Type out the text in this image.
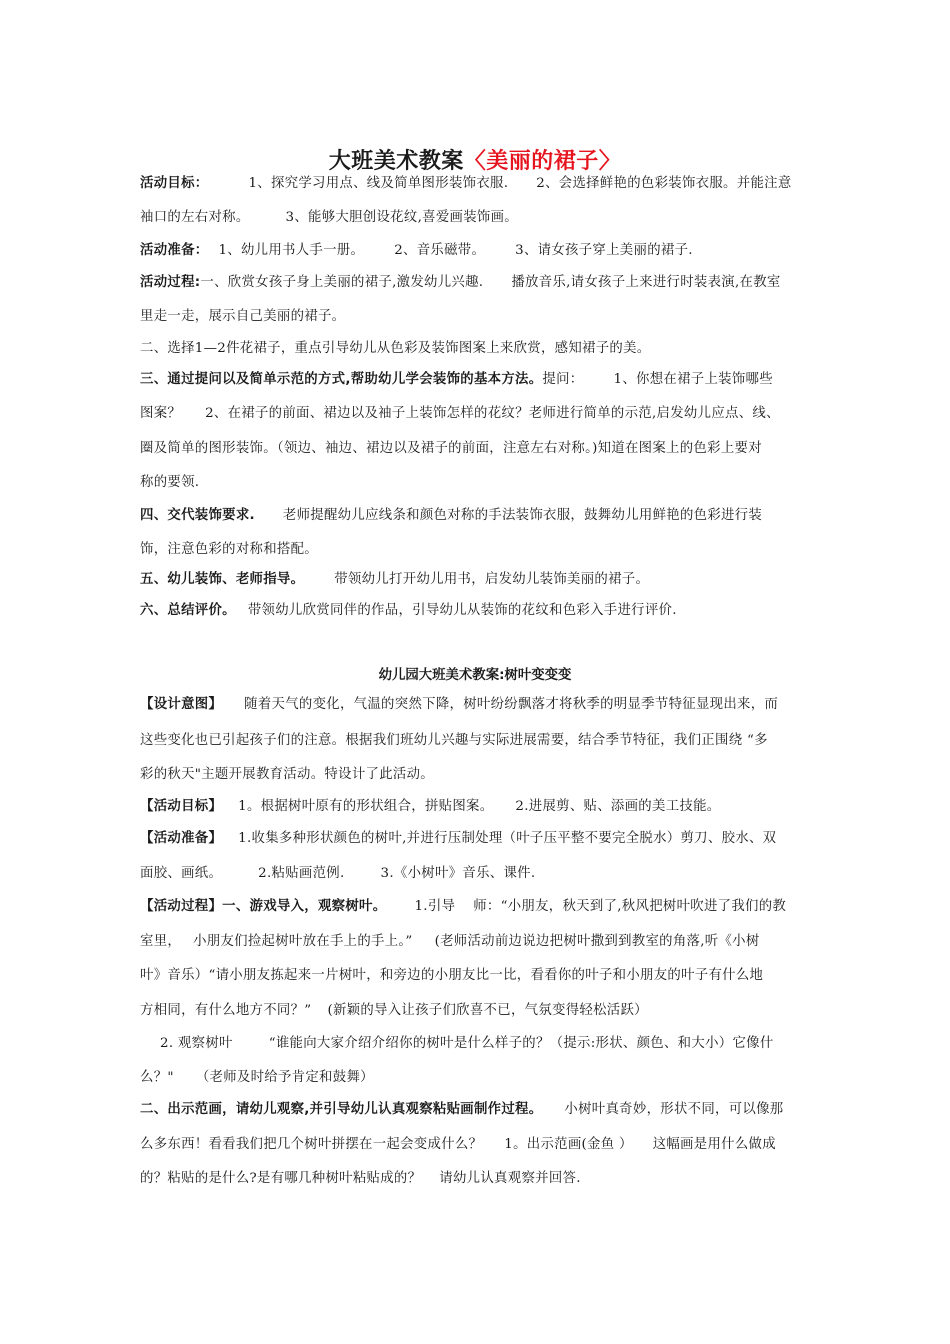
大班美术教案〈美丽的裙子〉
活动目标：	1、探究学习用点、线及简单图形装饰衣服. 2、会选择鲜艳的色彩装饰衣服。并能注意
袖口的左右对称。	3、能够大胆创设花纹,喜爱画装饰画。
活动准备： 1、幼儿用书人手一册。 2、音乐磁带。 3、请女孩子穿上美丽的裙子.
活动过程:一、欣赏女孩子身上美丽的裙子,激发幼儿兴趣. 播放音乐,请女孩子上来进行时装表演,在教室
里走一走，展示自己美丽的裙子。
二、选择1—2件花裙子，重点引导幼儿从色彩及装饰图案上来欣赏，感知裙子的美。
三、通过提问以及简单示范的方式,帮助幼儿学会装饰的基本方法。提问： 1、你想在裙子上装饰哪些
图案？ 2、在裙子的前面、裙边以及袖子上装饰怎样的花纹？老师进行简单的示范,启发幼儿应点、线、
圈及简单的图形装饰。（领边、袖边、裙边以及裙子的前面，注意左右对称。)知道在图案上的色彩上要对
称的要领.
四、交代装饰要求. 老师提醒幼儿应线条和颜色对称的手法装饰衣服，鼓舞幼儿用鲜艳的色彩进行装
饰，注意色彩的对称和搭配。
五、幼儿装饰、老师指导。 带领幼儿打开幼儿用书，启发幼儿装饰美丽的裙子。
六、总结评价。 带领幼儿欣赏同伴的作品，引导幼儿从装饰的花纹和色彩入手进行评价.
幼儿园大班美术教案:树叶变变变
【设计意图】 随着天气的变化，气温的突然下降，树叶纷纷飘落才将秋季的明显季节特征显现出来，而
这些变化也已引起孩子们的注意。根据我们班幼儿兴趣与实际进展需要，结合季节特征，我们正围绕 “多
彩的秋天"主题开展教育活动。特设计了此活动。
【活动目标】 1。根据树叶原有的形状组合，拼贴图案。 2.进展剪、贴、添画的美工技能。
【活动准备】 1.收集多种形状颜色的树叶,并进行压制处理（叶子压平整不要完全脱水）剪刀、胶水、双
面胶、画纸。	2.粘贴画范例.	3.《小树叶》音乐、课件.
【活动过程】一、游戏导入，观察树叶。 1.引导 师：“小朋友，秋天到了,秋风把树叶吹进了我们的教
室里， 小朋友们捡起树叶放在手上的手上。” (老师活动前边说边把树叶撒到到教室的角落,听《小树
叶》音乐）“请小朋友拣起来一片树叶，和旁边的小朋友比一比，看看你的叶子和小朋友的叶子有什么地
方相同，有什么地方不同？” (新颖的导入让孩子们欣喜不已，气氛变得轻松活跃）
2. 观察树叶	“谁能向大家介绍介绍你的树叶是什么样子的？（提示:形状、颜色、和大小）它像什
么？" （老师及时给予肯定和鼓舞）
二、出示范画，请幼儿观察,并引导幼儿认真观察粘贴画制作过程。 小树叶真奇妙，形状不同，可以像那
么多东西！看看我们把几个树叶拼摆在一起会变成什么？ 1。出示范画(金鱼 ） 这幅画是用什么做成
的？粘贴的是什么?是有哪几种树叶粘贴成的？ 请幼儿认真观察并回答.
